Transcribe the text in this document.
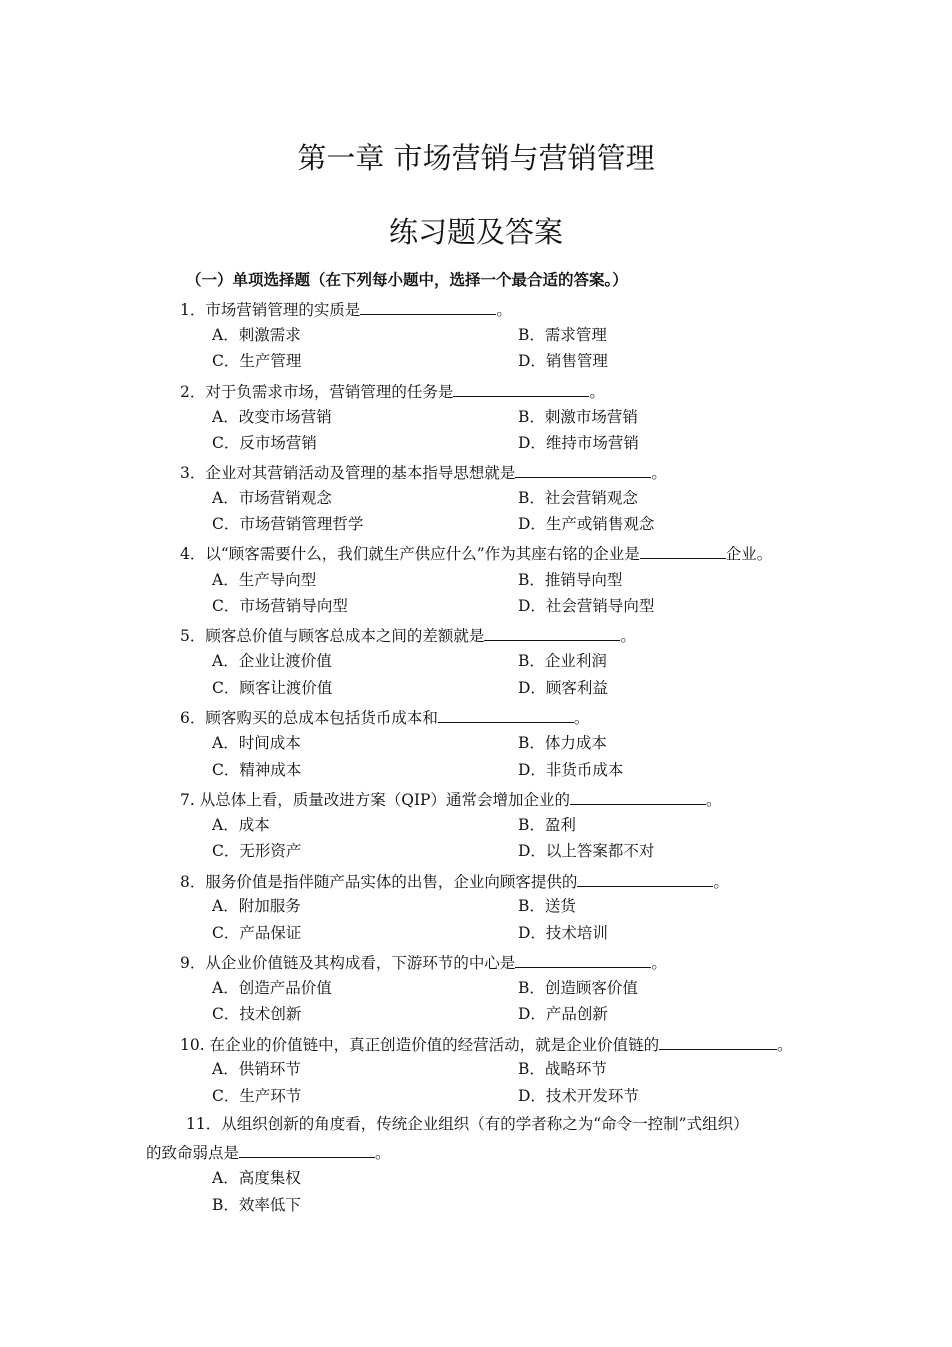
第一章 市场营销与营销管理
练习题及答案
（一）单项选择题（在下列每小题中，选择一个最合适的答案。）
1．市场营销管理的实质是	。
A．刺激需求	B．需求管理
C．生产管理	D．销售管理
2．对于负需求市场，营销管理的任务是	。
A．改变市场营销	B．刺激市场营销
C．反市场营销	D．维持市场营销
3．企业对其营销活动及管理的基本指导思想就是	。
A．市场营销观念	B．社会营销观念
C．市场营销管理哲学	D．生产或销售观念
4．以“顾客需要什么，我们就生产供应什么”作为其座右铭的企业是	企业。
A．生产导向型	B．推销导向型
C．市场营销导向型	D．社会营销导向型
5．顾客总价值与顾客总成本之间的差额就是	。
A．企业让渡价值	B．企业利润
C．顾客让渡价值	D．顾客利益
6．顾客购买的总成本包括货币成本和	。
A．时间成本	B．体力成本
C．精神成本	D．非货币成本
7. 从总体上看，质量改进方案（QIP）通常会增加企业的	。
A．成本	B．盈利
C．无形资产	D．以上答案都不对
8．服务价值是指伴随产品实体的出售，企业向顾客提供的	。
A．附加服务	B．送货
C．产品保证	D．技术培训
9．从企业价值链及其构成看，下游环节的中心是	。
A．创造产品价值	B．创造顾客价值
C．技术创新	D．产品创新
10. 在企业的价值链中，真正创造价值的经营活动，就是企业价值链的	。
A．供销环节	B．战略环节
C．生产环节	D．技术开发环节
11．从组织创新的角度看，传统企业组织（有的学者称之为“命令一控制”式组织）
的致命弱点是	。
A．高度集权
B．效率低下
